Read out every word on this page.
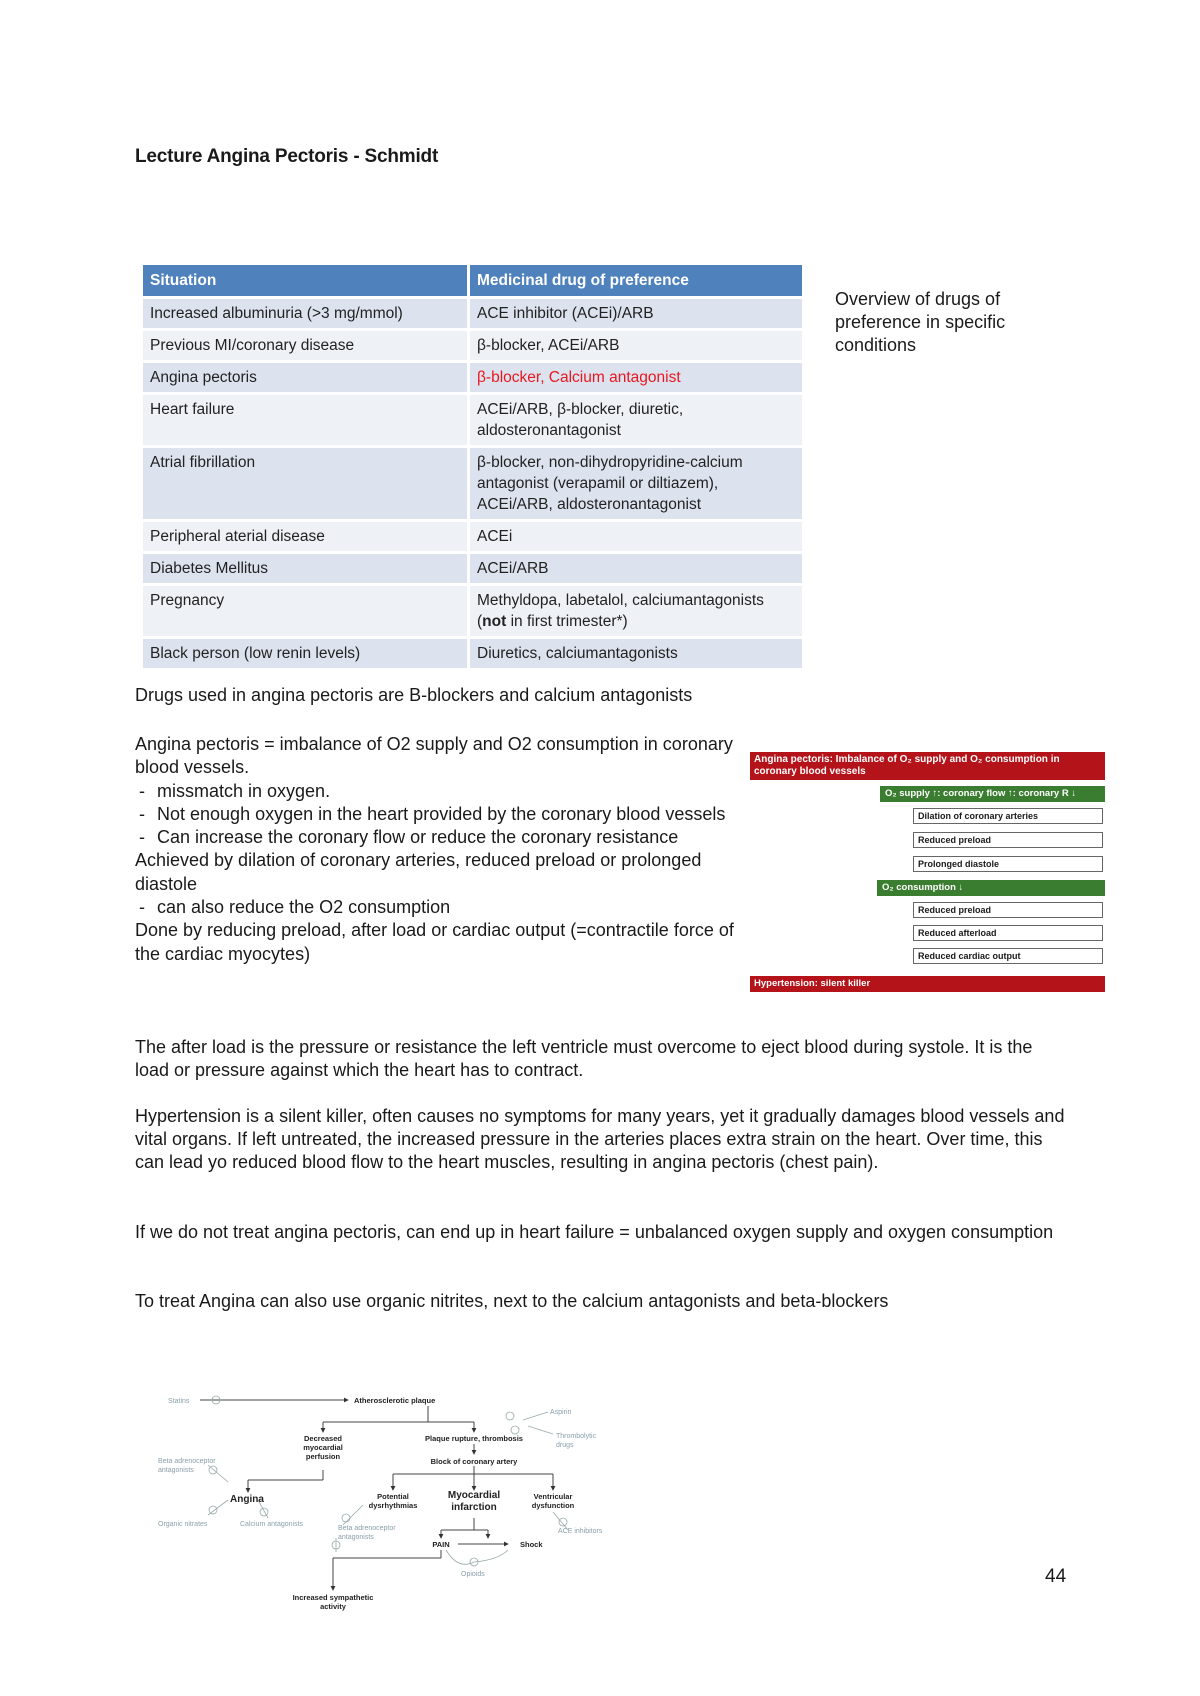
Lecture Angina Pectoris - Schmidt
Situation	Medicinal drug of preference
Increased albuminuria (>3 mg/mmol)	ACE inhibitor (ACEi)/ARB
Previous MI/coronary disease	β-blocker, ACEi/ARB
Angina pectoris	β-blocker, Calcium antagonist
Heart failure	ACEi/ARB, β-blocker, diuretic, aldosteronantagonist
Atrial fibrillation	β-blocker, non-dihydropyridine-calcium antagonist (verapamil or diltiazem), ACEi/ARB, aldosteronantagonist
Peripheral aterial disease	ACEi
Diabetes Mellitus	ACEi/ARB
Pregnancy	Methyldopa, labetalol, calciumantagonists (not in first trimester*)
Black person (low renin levels)	Diuretics, calciumantagonists
Overview of drugs of preference in specific conditions
Drugs used in angina pectoris are B-blockers and calcium antagonists
Angina pectoris = imbalance of O2 supply and O2 consumption in coronary blood vessels.
- missmatch in oxygen.
- Not enough oxygen in the heart provided by the coronary blood vessels
- Can increase the coronary flow or reduce the coronary resistance
Achieved by dilation of coronary arteries, reduced preload or prolonged diastole
- can also reduce the O2 consumption
Done by reducing preload, after load or cardiac output (=contractile force of the cardiac myocytes)
Angina pectoris: Imbalance of O₂ supply and O₂ consumption in coronary blood vessels
O₂ supply ↑: coronary flow ↑: coronary R ↓
Dilation of coronary arteries
Reduced preload
Prolonged diastole
O₂ consumption ↓
Reduced preload
Reduced afterload
Reduced cardiac output
Hypertension: silent killer
The after load is the pressure or resistance the left ventricle must overcome to eject blood during systole. It is the load or pressure against which the heart has to contract.
Hypertension is a silent killer, often causes no symptoms for many years, yet it gradually damages blood vessels and vital organs. If left untreated, the increased pressure in the arteries places extra strain on the heart. Over time, this can lead yo reduced blood flow to the heart muscles, resulting in angina pectoris (chest pain).
If we do not treat angina pectoris, can end up in heart failure = unbalanced oxygen supply and oxygen consumption
To treat Angina can also use organic nitrites, next to the calcium antagonists and beta-blockers
Atherosclerotic plaque
Decreased
myocardial
perfusion
Plaque rupture, thrombosis
Block of coronary artery
Potential
dysrhythmias
Ventricular
dysfunction
PAIN	Shock
Increased sympathetic
activity
Angina	Myocardial
infarction
Statins
Aspirin
Thrombolytic
drugs
Beta adrenoceptor
antagonists
Organic nitrates	Calcium antagonists
Beta adrenoceptor
antagonists
ACE inhibitors
Opioids	44
